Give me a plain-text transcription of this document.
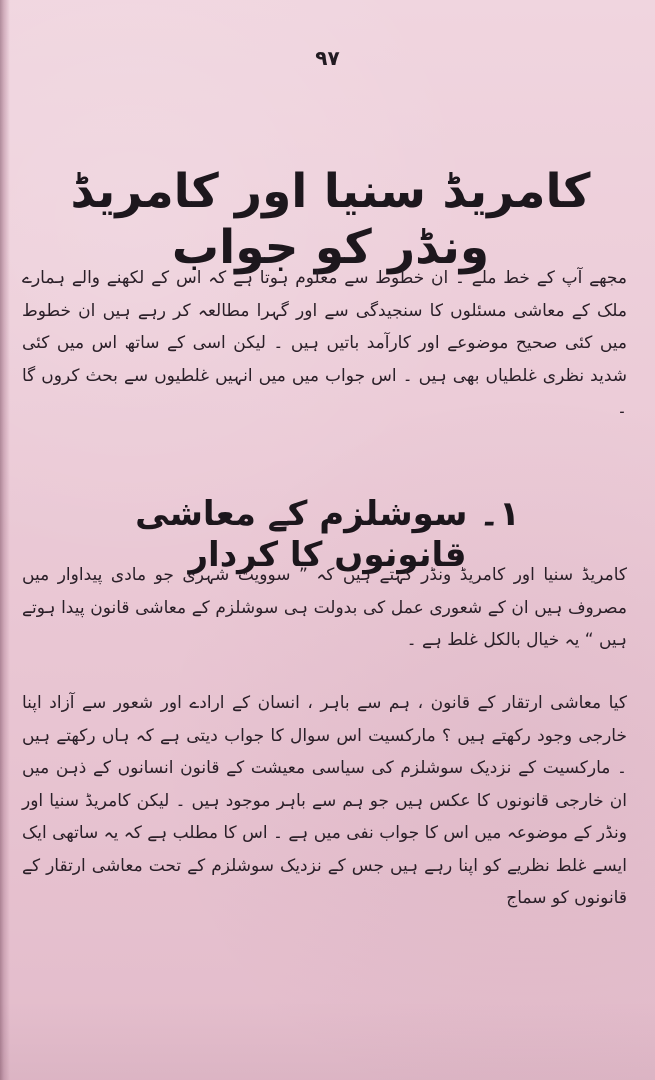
۹۷
کامریڈ سنیا اور کامریڈ ونڈر کو جواب
مجھے آپ کے خط ملے ۔ ان خطوط سے معلوم ہوتا ہے کہ اس کے لکھنے والے ہمارے ملک کے معاشی مسئلوں کا سنجیدگی سے اور گہرا مطالعہ کر رہے ہیں ان خطوط میں کئی صحیح موضوعے اور کارآمد باتیں ہیں ۔ لیکن اسی کے ساتھ اس میں کئی شدید نظری غلطیاں بھی ہیں ۔ اس جواب میں میں انہیں غلطیوں سے بحث کروں گا ۔
۱۔ سوشلزم کے معاشی قانونوں کا کردار
کامریڈ سنیا اور کامریڈ ونڈر کہتے ہیں کہ ” سوویت شہری جو مادی پیداوار میں مصروف ہیں ان کے شعوری عمل کی بدولت ہی سوشلزم کے معاشی قانون پیدا ہوتے ہیں “ یہ خیال بالکل غلط ہے ۔
کیا معاشی ارتقار کے قانون ، ہم سے باہر ، انسان کے ارادے اور شعور سے آزاد اپنا خارجی وجود رکھتے ہیں ؟ مارکسیت اس سوال کا جواب دیتی ہے کہ ہاں رکھتے ہیں ۔ مارکسیت کے نزدیک سوشلزم کی سیاسی معیشت کے قانون انسانوں کے ذہن میں ان خارجی قانونوں کا عکس ہیں جو ہم سے باہر موجود ہیں ۔ لیکن کامریڈ سنیا اور ونڈر کے موضوعہ میں اس کا جواب نفی میں ہے ۔ اس کا مطلب ہے کہ یہ ساتھی ایک ایسے غلط نظریے کو اپنا رہے ہیں جس کے نزدیک سوشلزم کے تحت معاشی ارتقار کے قانونوں کو سماج
